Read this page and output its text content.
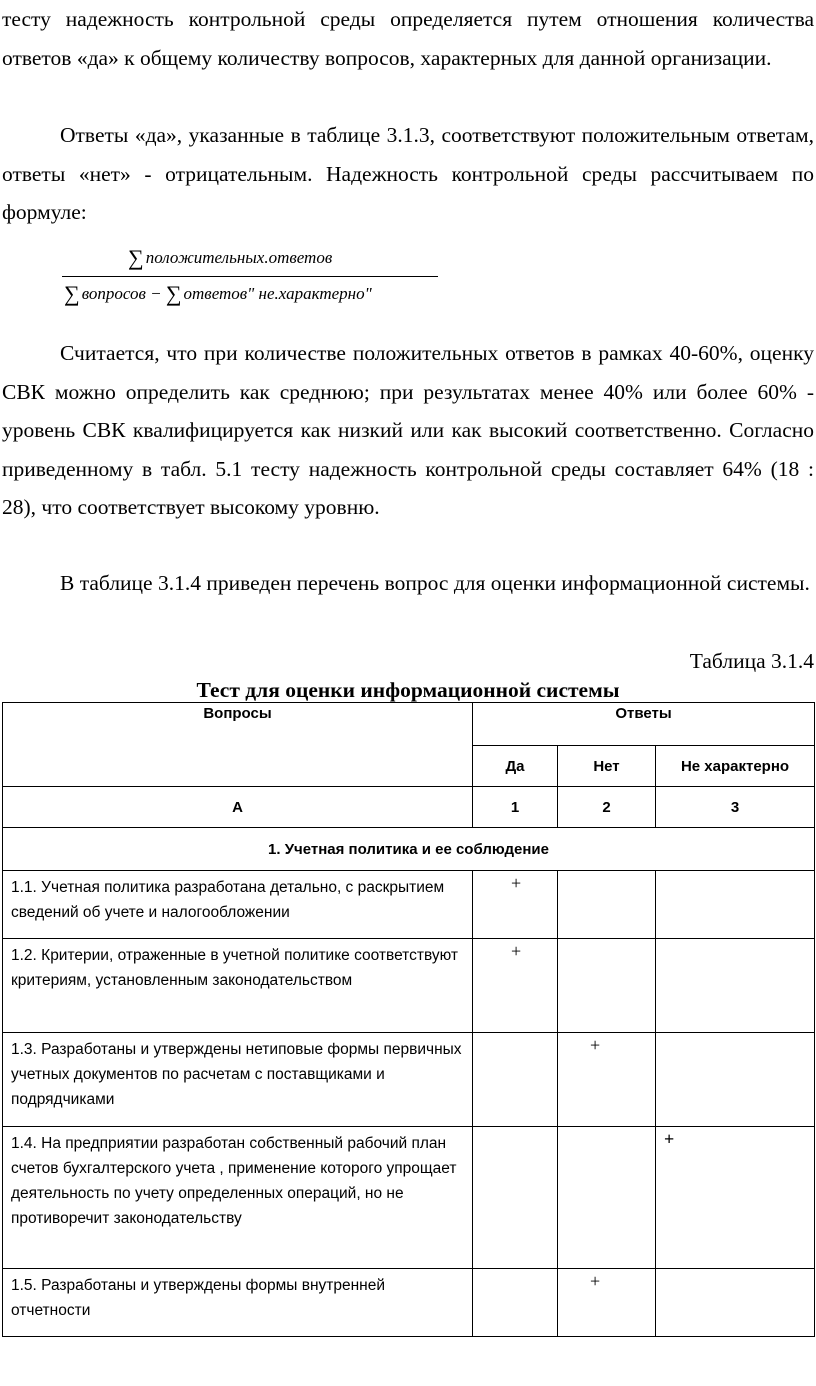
тесту надежность контрольной среды определяется путем отношения количества ответов «да» к общему количеству вопросов, характерных для данной организации.

Ответы «да», указанные в таблице 3.1.3, соответствуют положительным ответам, ответы «нет» - отрицательным. Надежность контрольной среды рассчитываем по формуле:

∑ положительных.ответов
∑ вопросов − ∑ ответов" не.характерно"

Считается, что при количестве положительных ответов в рамках 40-60%, оценку СВК можно определить как среднюю; при результатах менее 40% или более 60% - уровень СВК квалифицируется как низкий или как высокий соответственно. Согласно приведенному в табл. 5.1 тесту надежность контрольной среды составляет 64% (18 : 28), что соответствует высокому уровню.

В таблице 3.1.4 приведен перечень вопрос для оценки информационной системы.

Таблица 3.1.4
Тест для оценки информационной системы
Вопросы	Ответы		
	Да	Нет	Не характерно
А	1	2	3
1. Учетная политика и ее соблюдение			
1.1. Учетная политика разработана детально, с раскрытием сведений об учете и налогообложении	+		
1.2. Критерии, отраженные в учетной политике соответствуют критериям, установленным законодательством	+		
1.3. Разработаны и утверждены нетиповые формы первичных учетных документов по расчетам с поставщиками и подрядчиками		+	
1.4. На предприятии разработан собственный рабочий план счетов бухгалтерского учета , применение которого упрощает деятельность по учету определенных операций, но не противоречит законодательству			+
1.5. Разработаны и утверждены формы внутренней отчетности		+	
